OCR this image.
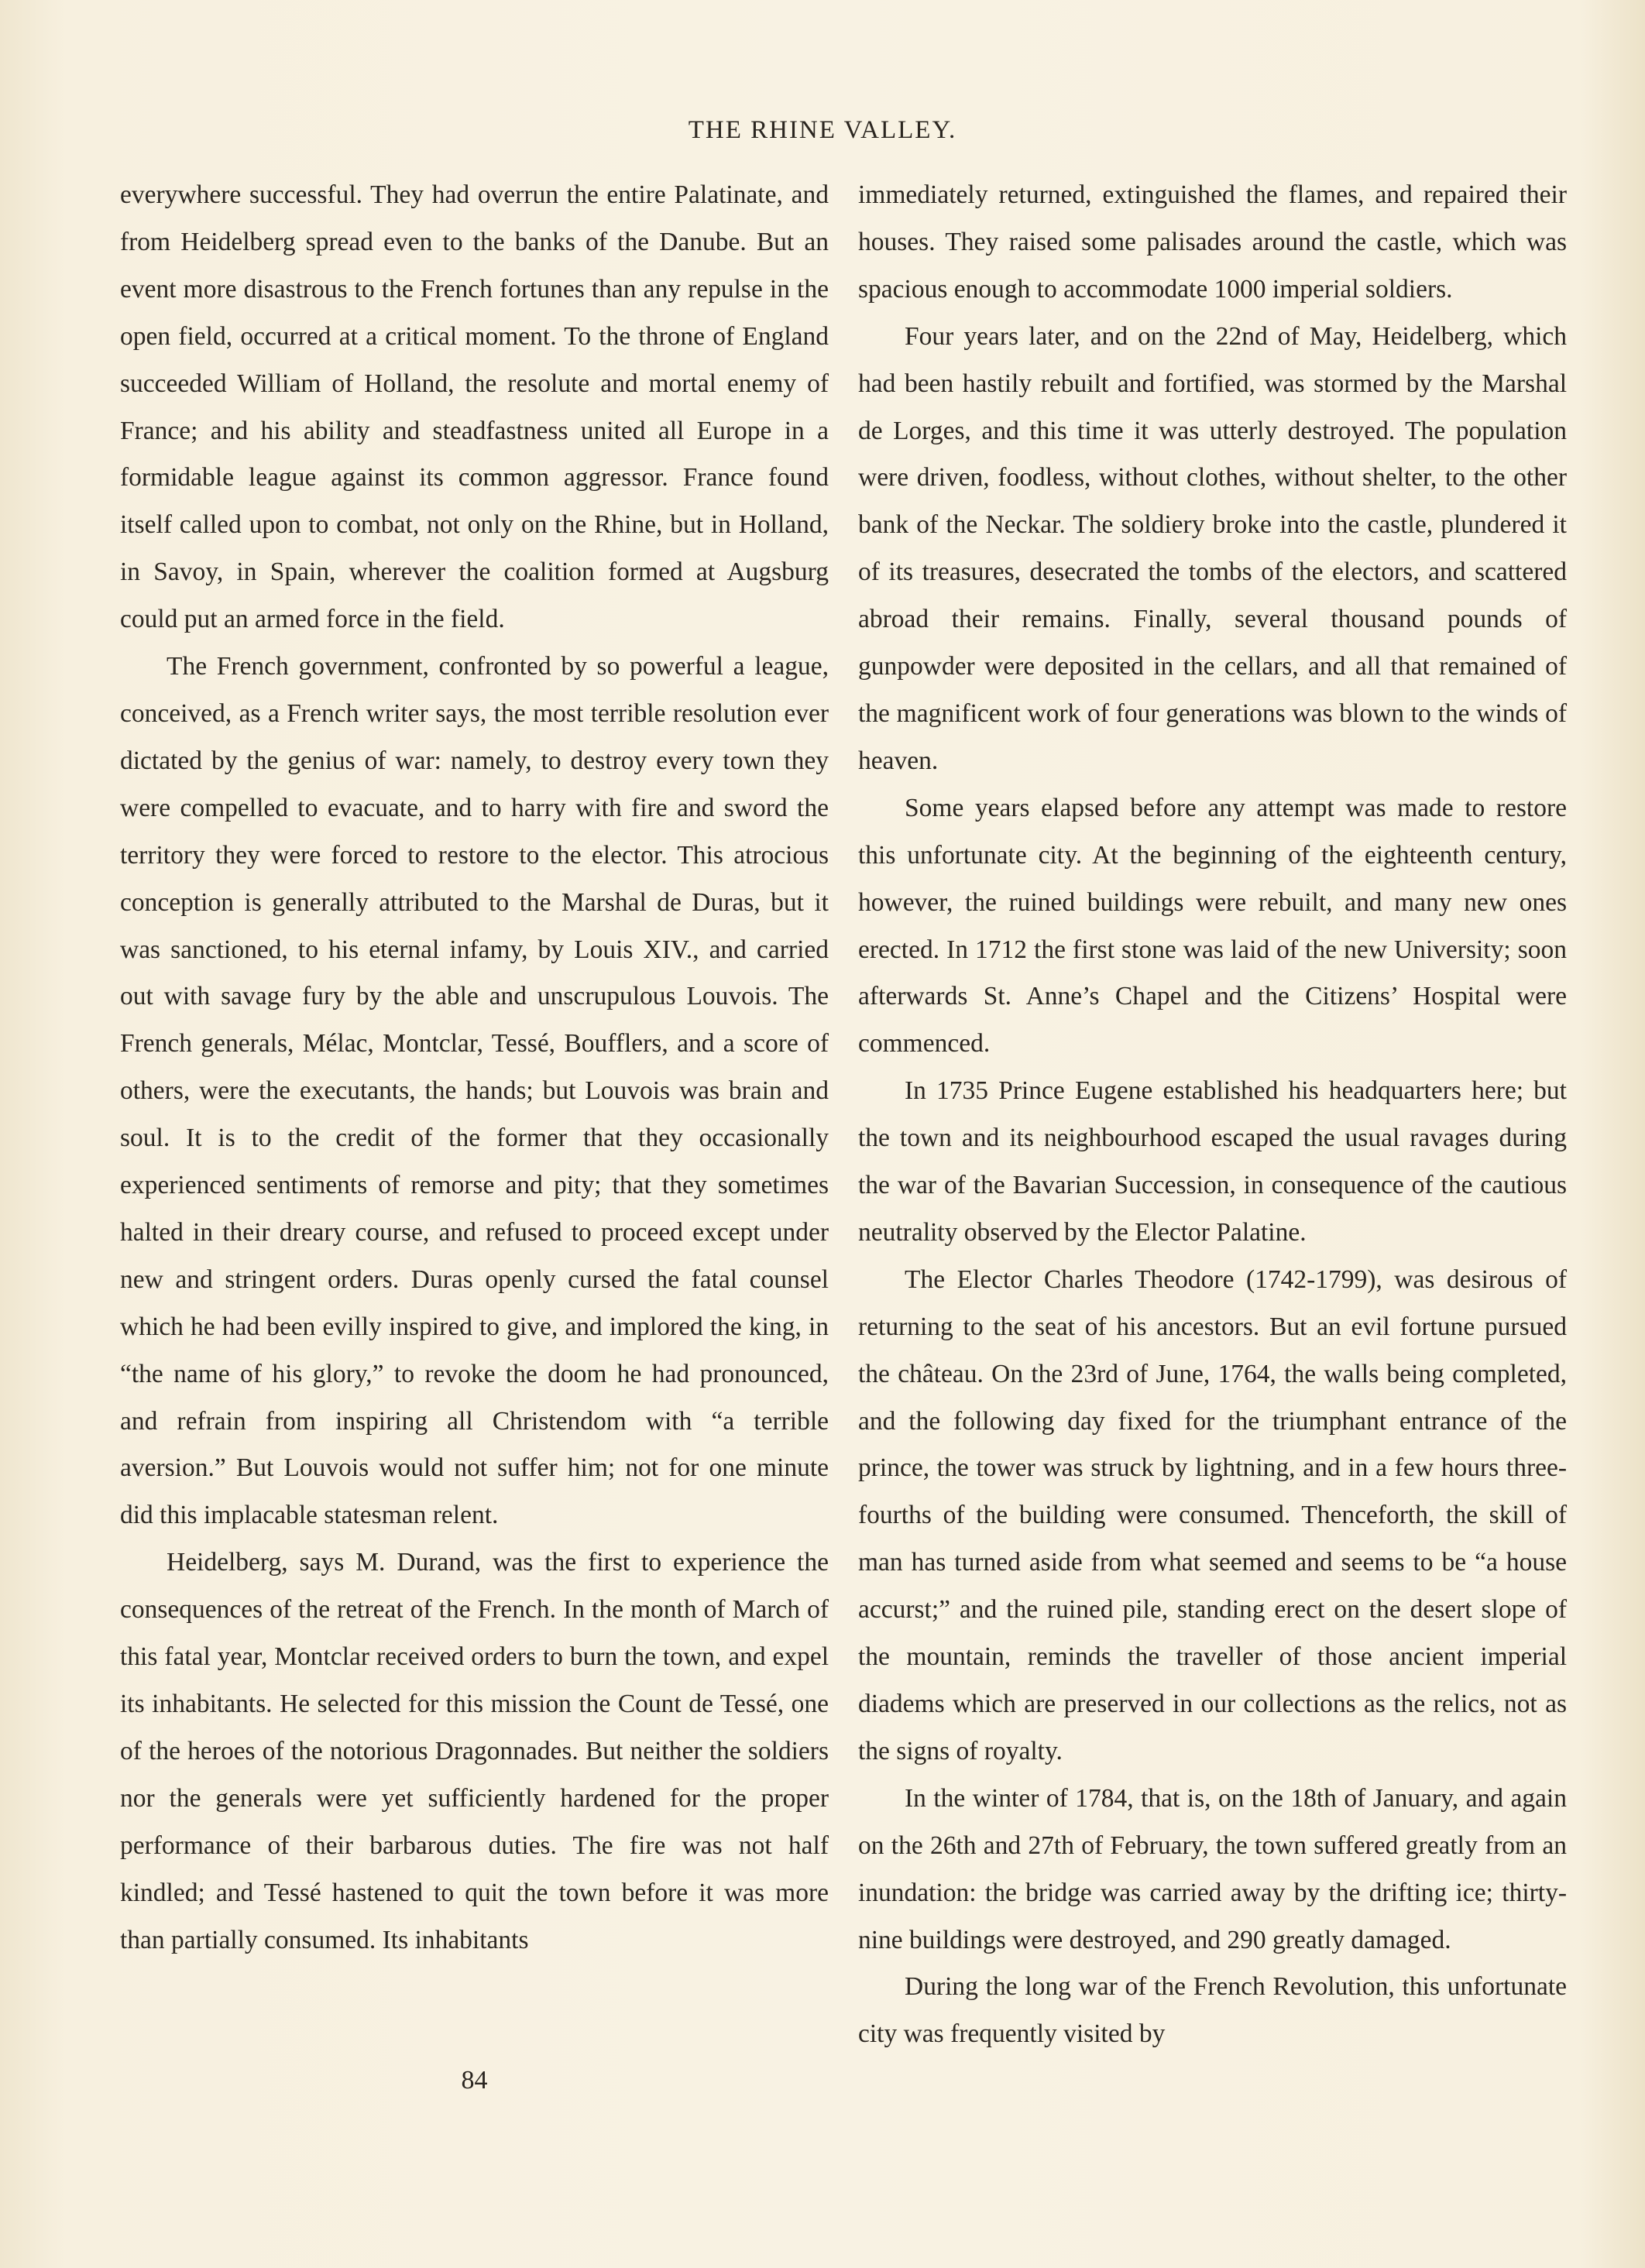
THE RHINE VALLEY.

everywhere successful. They had overrun the entire Palatinate, and from Heidelberg spread even to the banks of the Danube. But an event more disastrous to the French fortunes than any repulse in the open field, occurred at a critical moment. To the throne of England succeeded William of Holland, the resolute and mortal enemy of France; and his ability and steadfastness united all Europe in a formidable league against its common aggressor. France found itself called upon to combat, not only on the Rhine, but in Holland, in Savoy, in Spain, wherever the coalition formed at Augsburg could put an armed force in the field.

The French government, confronted by so powerful a league, conceived, as a French writer says, the most terrible resolution ever dictated by the genius of war: namely, to destroy every town they were compelled to evacuate, and to harry with fire and sword the territory they were forced to restore to the elector. This atrocious conception is generally attributed to the Marshal de Duras, but it was sanctioned, to his eternal infamy, by Louis XIV., and carried out with savage fury by the able and unscrupulous Louvois. The French generals, Mélac, Montclar, Tessé, Boufflers, and a score of others, were the executants, the hands; but Louvois was brain and soul. It is to the credit of the former that they occasionally experienced sentiments of remorse and pity; that they sometimes halted in their dreary course, and refused to proceed except under new and stringent orders. Duras openly cursed the fatal counsel which he had been evilly inspired to give, and implored the king, in “the name of his glory,” to revoke the doom he had pronounced, and refrain from inspiring all Christendom with “a terrible aversion.” But Louvois would not suffer him; not for one minute did this implacable statesman relent.

Heidelberg, says M. Durand, was the first to experience the consequences of the retreat of the French. In the month of March of this fatal year, Montclar received orders to burn the town, and expel its inhabitants. He selected for this mission the Count de Tessé, one of the heroes of the notorious Dragonnades. But neither the soldiers nor the generals were yet sufficiently hardened for the proper performance of their barbarous duties. The fire was not half kindled; and Tessé hastened to quit the town before it was more than partially consumed. Its inhabitants

immediately returned, extinguished the flames, and repaired their houses. They raised some palisades around the castle, which was spacious enough to accommodate 1000 imperial soldiers.

Four years later, and on the 22nd of May, Heidelberg, which had been hastily rebuilt and fortified, was stormed by the Marshal de Lorges, and this time it was utterly destroyed. The population were driven, foodless, without clothes, without shelter, to the other bank of the Neckar. The soldiery broke into the castle, plundered it of its treasures, desecrated the tombs of the electors, and scattered abroad their remains. Finally, several thousand pounds of gunpowder were deposited in the cellars, and all that remained of the magnificent work of four generations was blown to the winds of heaven.

Some years elapsed before any attempt was made to restore this unfortunate city. At the beginning of the eighteenth century, however, the ruined buildings were rebuilt, and many new ones erected. In 1712 the first stone was laid of the new University; soon afterwards St. Anne’s Chapel and the Citizens’ Hospital were commenced.

In 1735 Prince Eugene established his headquarters here; but the town and its neighbourhood escaped the usual ravages during the war of the Bavarian Succession, in consequence of the cautious neutrality observed by the Elector Palatine.

The Elector Charles Theodore (1742-1799), was desirous of returning to the seat of his ancestors. But an evil fortune pursued the château. On the 23rd of June, 1764, the walls being completed, and the following day fixed for the triumphant entrance of the prince, the tower was struck by lightning, and in a few hours three-fourths of the building were consumed. Thenceforth, the skill of man has turned aside from what seemed and seems to be “a house accurst;” and the ruined pile, standing erect on the desert slope of the mountain, reminds the traveller of those ancient imperial diadems which are preserved in our collections as the relics, not as the signs of royalty.

In the winter of 1784, that is, on the 18th of January, and again on the 26th and 27th of February, the town suffered greatly from an inundation: the bridge was carried away by the drifting ice; thirty-nine buildings were destroyed, and 290 greatly damaged.

During the long war of the French Revolution, this unfortunate city was frequently visited by

84
